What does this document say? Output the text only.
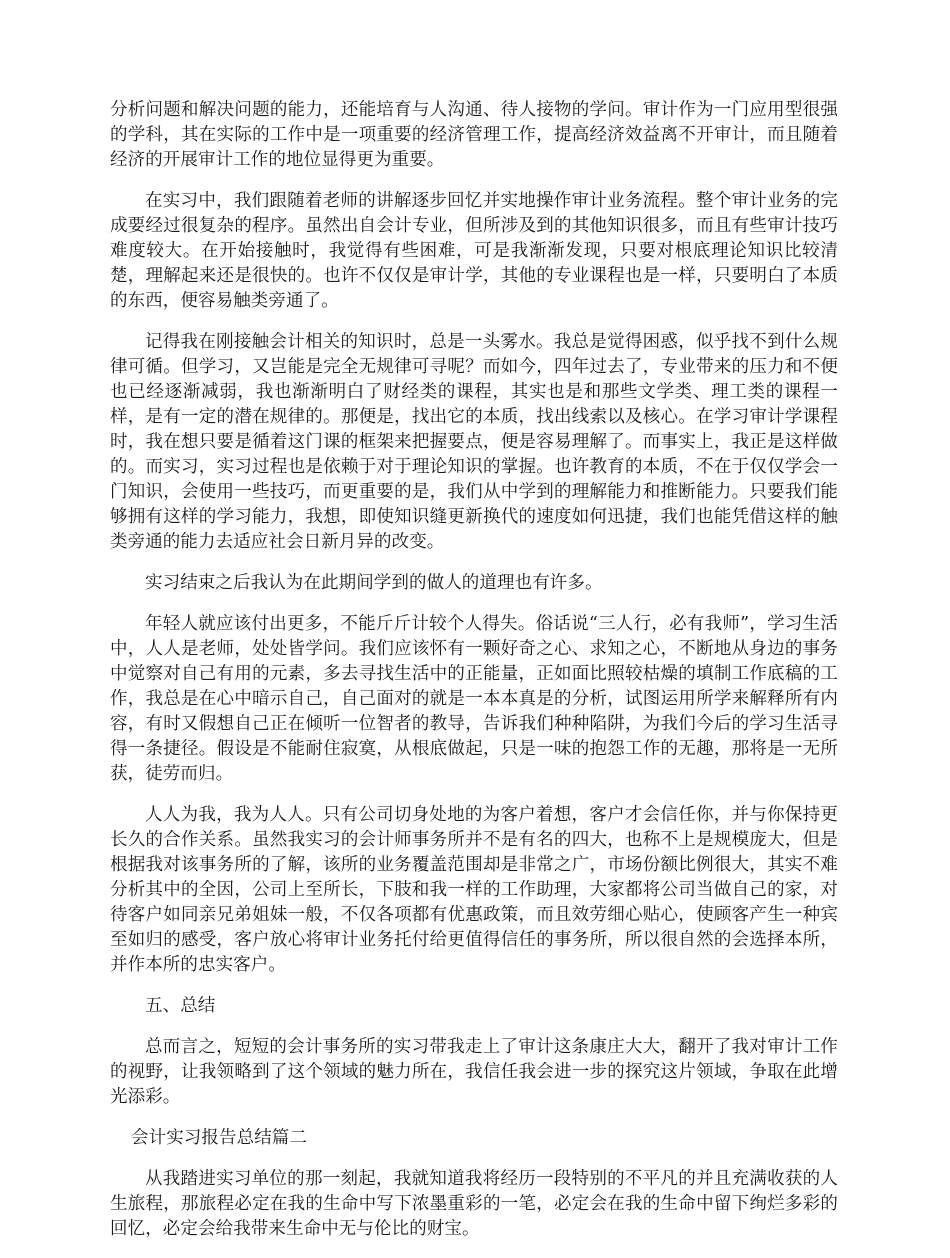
分析问题和解决问题的能力，还能培育与人沟通、待人接物的学问。审计作为一门应用型很强的学科，其在实际的工作中是一项重要的经济管理工作，提高经济效益离不开审计，而且随着经济的开展审计工作的地位显得更为重要。

在实习中，我们跟随着老师的讲解逐步回忆并实地操作审计业务流程。整个审计业务的完成要经过很复杂的程序。虽然出自会计专业，但所涉及到的其他知识很多，而且有些审计技巧难度较大。在开始接触时，我觉得有些困难，可是我渐渐发现，只要对根底理论知识比较清楚，理解起来还是很快的。也许不仅仅是审计学，其他的专业课程也是一样，只要明白了本质的东西，便容易触类旁通了。

记得我在刚接触会计相关的知识时，总是一头雾水。我总是觉得困惑，似乎找不到什么规律可循。但学习，又岂能是完全无规律可寻呢？而如今，四年过去了，专业带来的压力和不便也已经逐渐减弱，我也渐渐明白了财经类的课程，其实也是和那些文学类、理工类的课程一样，是有一定的潜在规律的。那便是，找出它的本质，找出线索以及核心。在学习审计学课程时，我在想只要是循着这门课的框架来把握要点，便是容易理解了。而事实上，我正是这样做的。而实习，实习过程也是依赖于对于理论知识的掌握。也许教育的本质，不在于仅仅学会一门知识，会使用一些技巧，而更重要的是，我们从中学到的理解能力和推断能力。只要我们能够拥有这样的学习能力，我想，即使知识缝更新换代的速度如何迅捷，我们也能凭借这样的触类旁通的能力去适应社会日新月异的改变。

实习结束之后我认为在此期间学到的做人的道理也有许多。

年轻人就应该付出更多，不能斤斤计较个人得失。俗话说“三人行，必有我师”，学习生活中，人人是老师，处处皆学问。我们应该怀有一颗好奇之心、求知之心，不断地从身边的事务中觉察对自己有用的元素，多去寻找生活中的正能量，正如面比照较枯燥的填制工作底稿的工作，我总是在心中暗示自己，自己面对的就是一本本真是的分析，试图运用所学来解释所有内容，有时又假想自己正在倾听一位智者的教导，告诉我们种种陷阱，为我们今后的学习生活寻得一条捷径。假设是不能耐住寂寞，从根底做起，只是一味的抱怨工作的无趣，那将是一无所获，徒劳而归。

人人为我，我为人人。只有公司切身处地的为客户着想，客户才会信任你，并与你保持更长久的合作关系。虽然我实习的会计师事务所并不是有名的四大，也称不上是规模庞大，但是根据我对该事务所的了解，该所的业务覆盖范围却是非常之广，市场份额比例很大，其实不难分析其中的全因，公司上至所长，下肢和我一样的工作助理，大家都将公司当做自己的家，对待客户如同亲兄弟姐妹一般，不仅各项都有优惠政策，而且效劳细心贴心，使顾客产生一种宾至如归的感受，客户放心将审计业务托付给更值得信任的事务所，所以很自然的会选择本所，并作本所的忠实客户。

五、总结

总而言之，短短的会计事务所的实习带我走上了审计这条康庄大大，翻开了我对审计工作的视野，让我领略到了这个领域的魅力所在，我信任我会进一步的探究这片领域，争取在此增光添彩。

会计实习报告总结篇二

从我踏进实习单位的那一刻起，我就知道我将经历一段特别的不平凡的并且充满收获的人生旅程，那旅程必定在我的生命中写下浓墨重彩的一笔，必定会在我的生命中留下绚烂多彩的回忆，必定会给我带来生命中无与伦比的财宝。
